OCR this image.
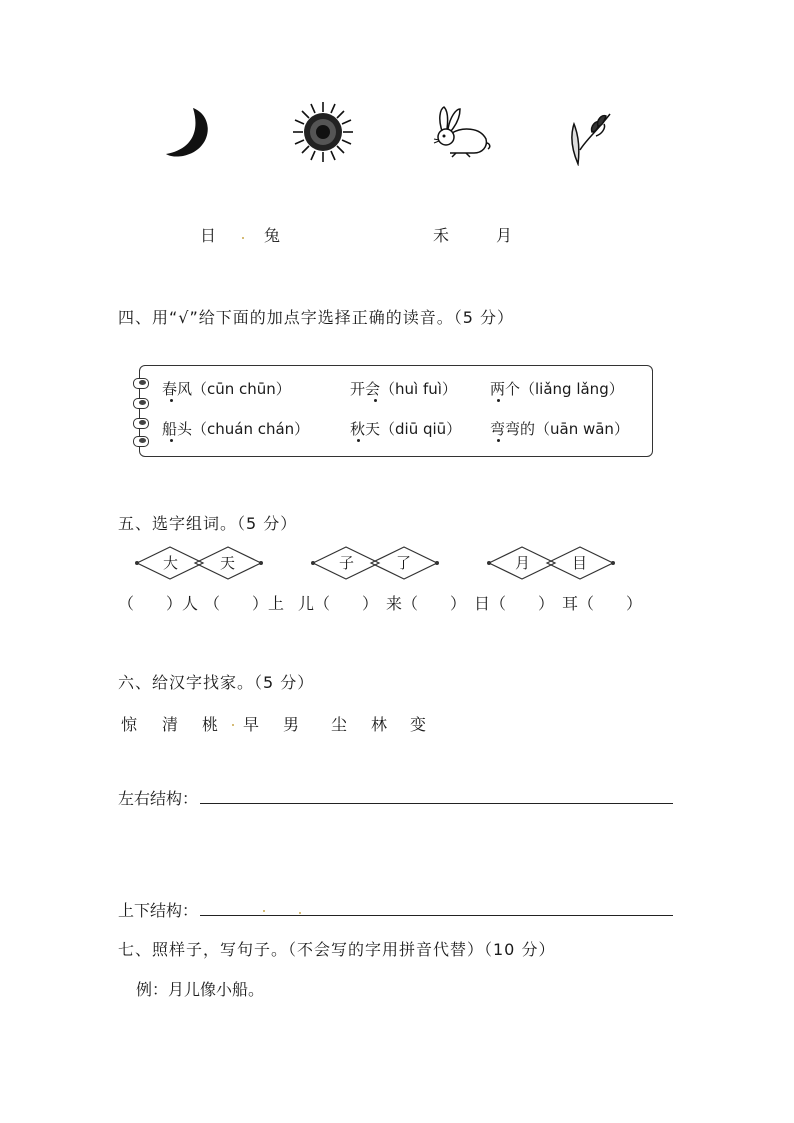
日	兔	禾	月
四、用“√”给下面的加点字选择正确的读音。（5 分）
春风（cūn chūn）	开会（huì fuì） 两个（liǎng lǎng）
船头（chuán chán）	秋天（diū qiū） 弯弯的（uān wān）
五、选字组词。（5 分）
大	天	子	了	月	目
（　　）人 （　　）上 儿（　　） 来（　　） 日（　　） 耳（　　）
六、给汉字找家。（5 分）
惊 清 桃 早 男 尘 林 变
左右结构：
上下结构：
七、照样子，写句子。（不会写的字用拼音代替）（10 分）
例：月儿像小船。
